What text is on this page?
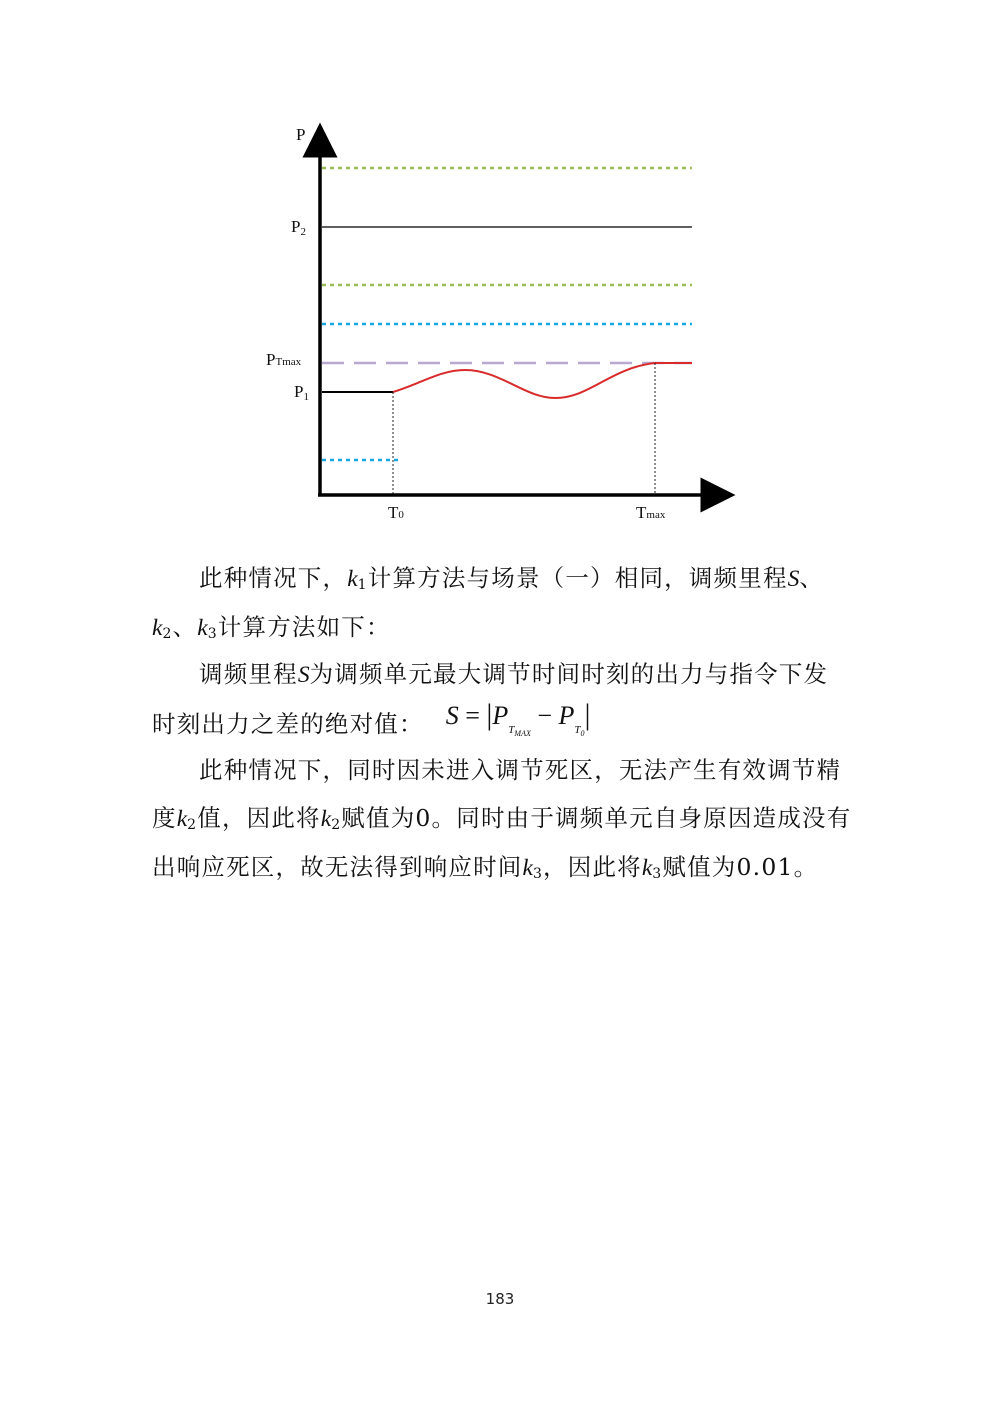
P
P2
PTmax
P1
T0	Tmax
此种情况下，$k_1$计算方法与场景（一）相同，调频里程S、$k_2$、$k_3$计算方法如下：
调频里程S为调频单元最大调节时间时刻的出力与指令下发时刻出力之差的绝对值： $S = |P_{T_{MAX}} - P_{T_0}|$
此种情况下，同时因未进入调节死区，无法产生有效调节精度$k_2$值，因此将$k_2$赋值为0。同时由于调频单元自身原因造成没有出响应死区，故无法得到响应时间$k_3$，因此将$k_3$赋值为0.01。
183
